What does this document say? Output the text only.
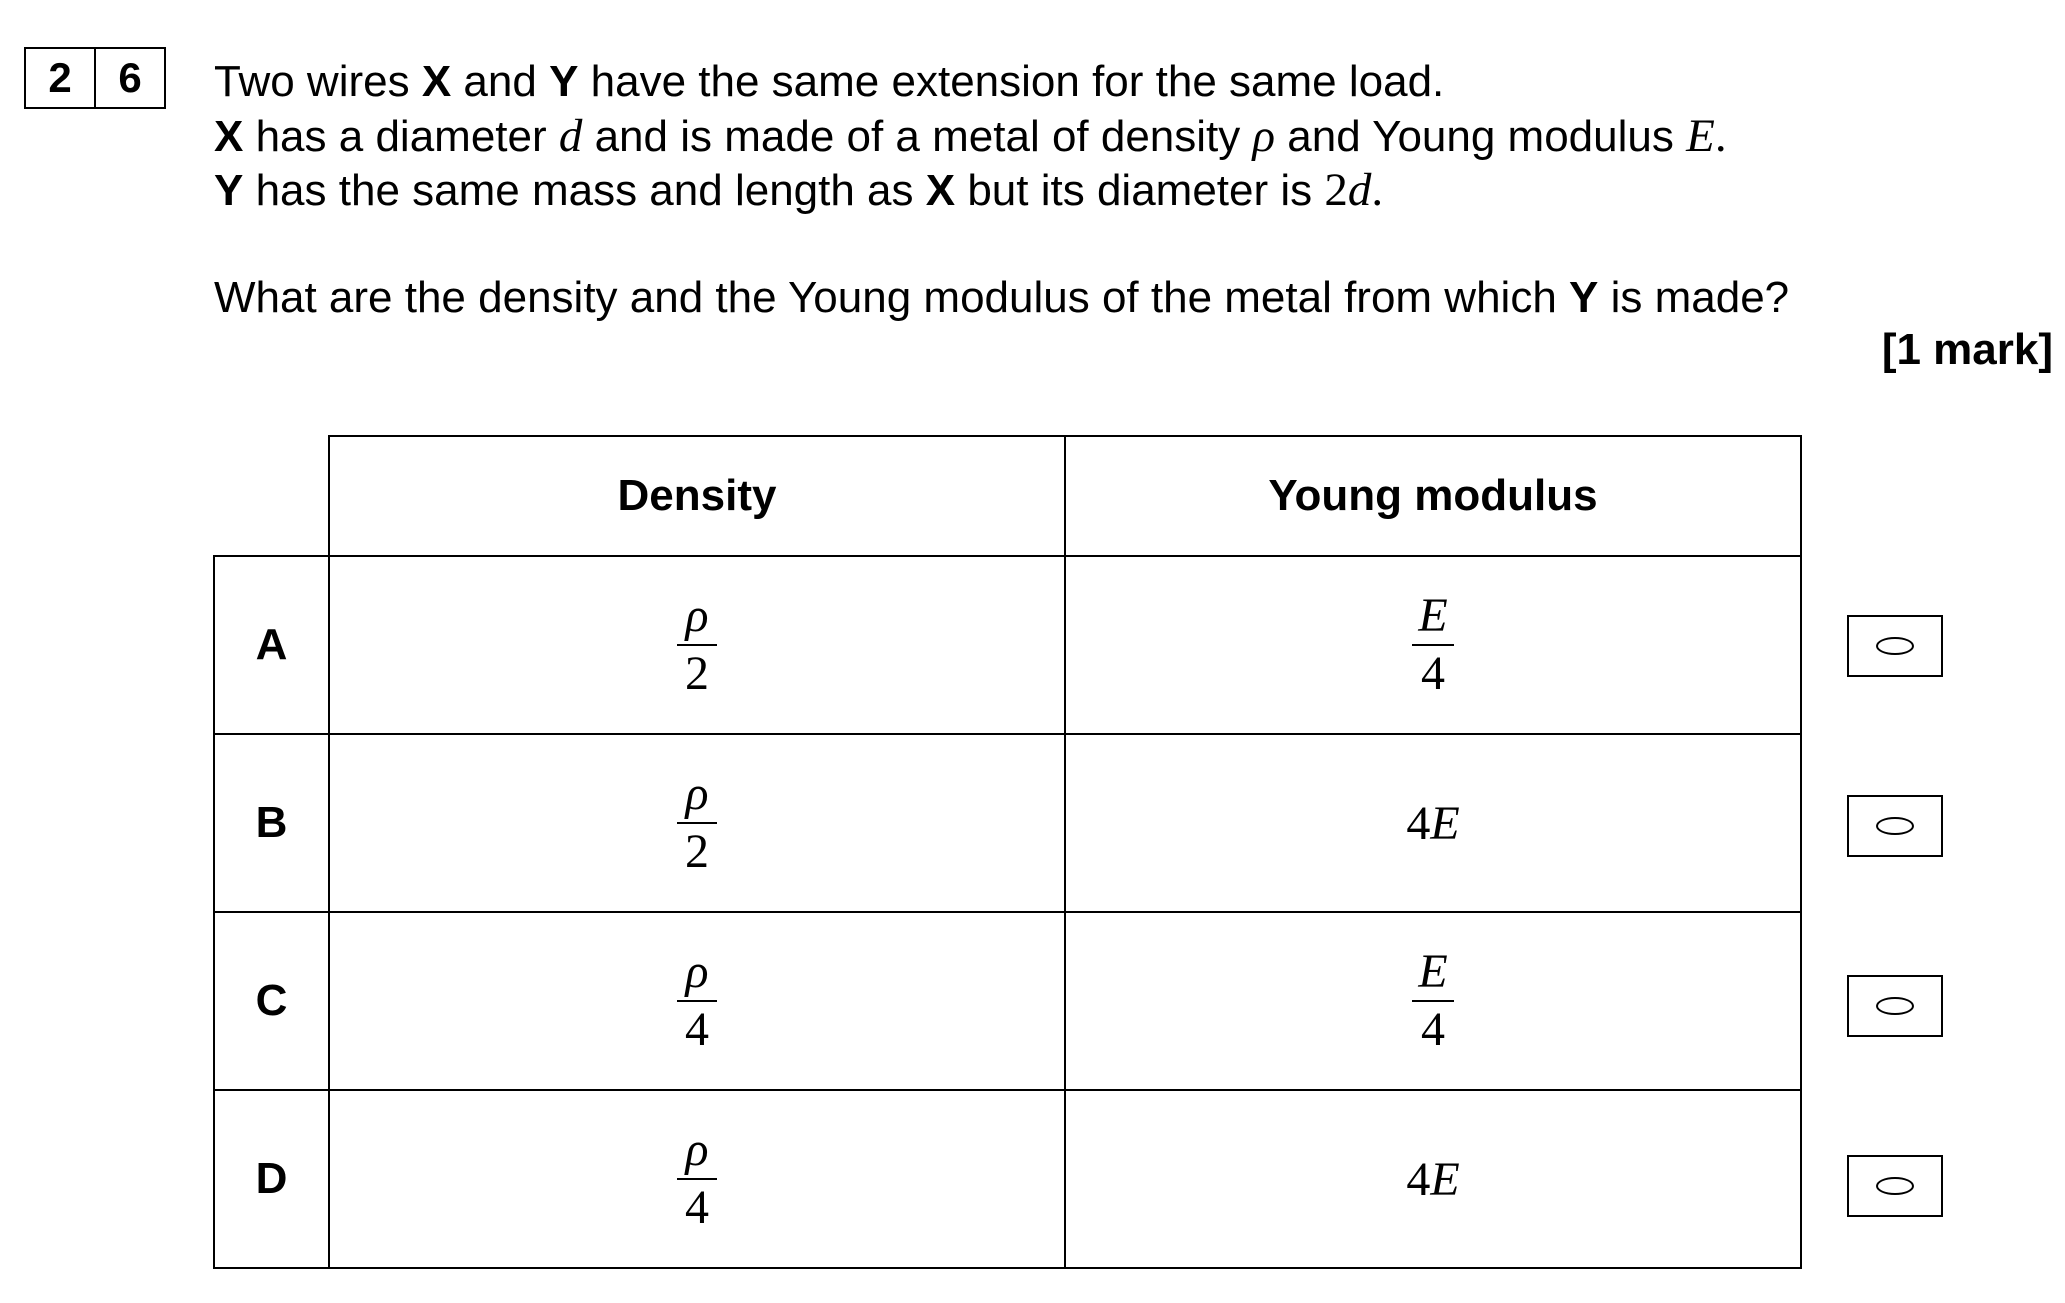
2	6	Two wires X and Y have the same extension for the same load.
X has a diameter d and is made of a metal of density ρ and Young modulus E.
Y has the same mass and length as X but its diameter is 2d.
What are the density and the Young modulus of the metal from which Y is made?
[1 mark]
	Density	Young modulus
A	$\frac{\rho}{2}$	$\frac{E}{4}$

B	$\frac{\rho}{2}$	4E
C	$\frac{\rho}{4}$	$\frac{E}{4}$

D	$\frac{\rho}{4}$	4E
